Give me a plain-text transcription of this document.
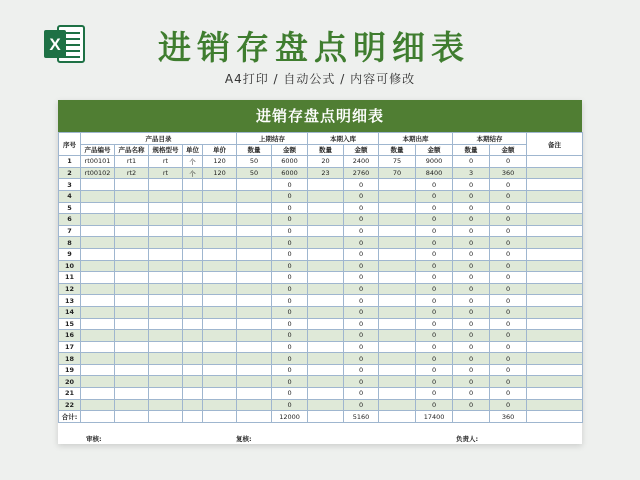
X	进销存盘点明细表
A4打印 / 自动公式 / 内容可修改
进销存盘点明细表
序号	产品目录					上期结存		本期入库		本期出库		本期结存		备注
	产品编号	产品名称	规格型号	单位	单价	数量	金额	数量	金额	数量	金额	数量	金额	
1	rt00101	rt1	rt	个	120	50	6000	20	2400	75	9000	0	0	
2	rt00102	rt2	rt	个	120	50	6000	23	2760	70	8400	3	360	
3							0		0		0	0	0	
4							0		0		0	0	0	
5							0		0		0	0	0	
6							0		0		0	0	0	
7							0		0		0	0	0	
8							0		0		0	0	0	
9							0		0		0	0	0	
10							0		0		0	0	0	
11							0		0		0	0	0	
12							0		0		0	0	0	
13							0		0		0	0	0	
14							0		0		0	0	0	
15							0		0		0	0	0	
16							0		0		0	0	0	
17							0		0		0	0	0	
18							0		0		0	0	0	
19							0		0		0	0	0	
20							0		0		0	0	0	
21							0		0		0	0	0	
22							0		0		0	0	0	
合计:							12000		5160		17400		360	
审核:	复核:	负责人:
